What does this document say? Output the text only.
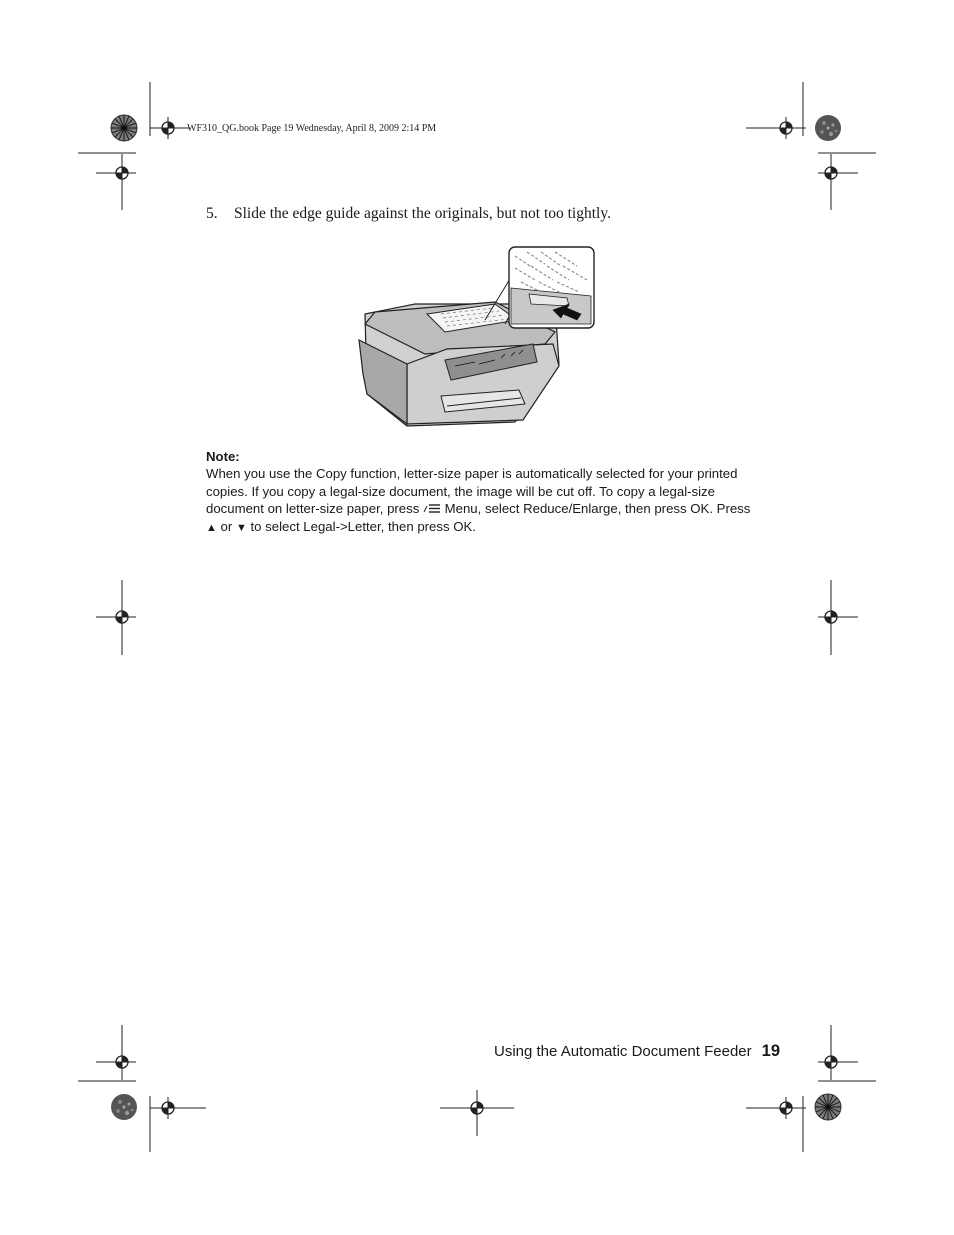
WF310_QG.book Page 19 Wednesday, April 8, 2009 2:14 PM
5. Slide the edge guide against the originals, but not too tightly.
Note:
When you use the Copy function, letter-size paper is automatically selected for your printed copies. If you copy a legal-size document, the image will be cut off. To copy a legal-size document on letter-size paper, press  Menu, select Reduce/Enlarge, then press OK. Press ▲ or ▼ to select Legal->Letter, then press OK.
Using the Automatic Document Feeder 19
